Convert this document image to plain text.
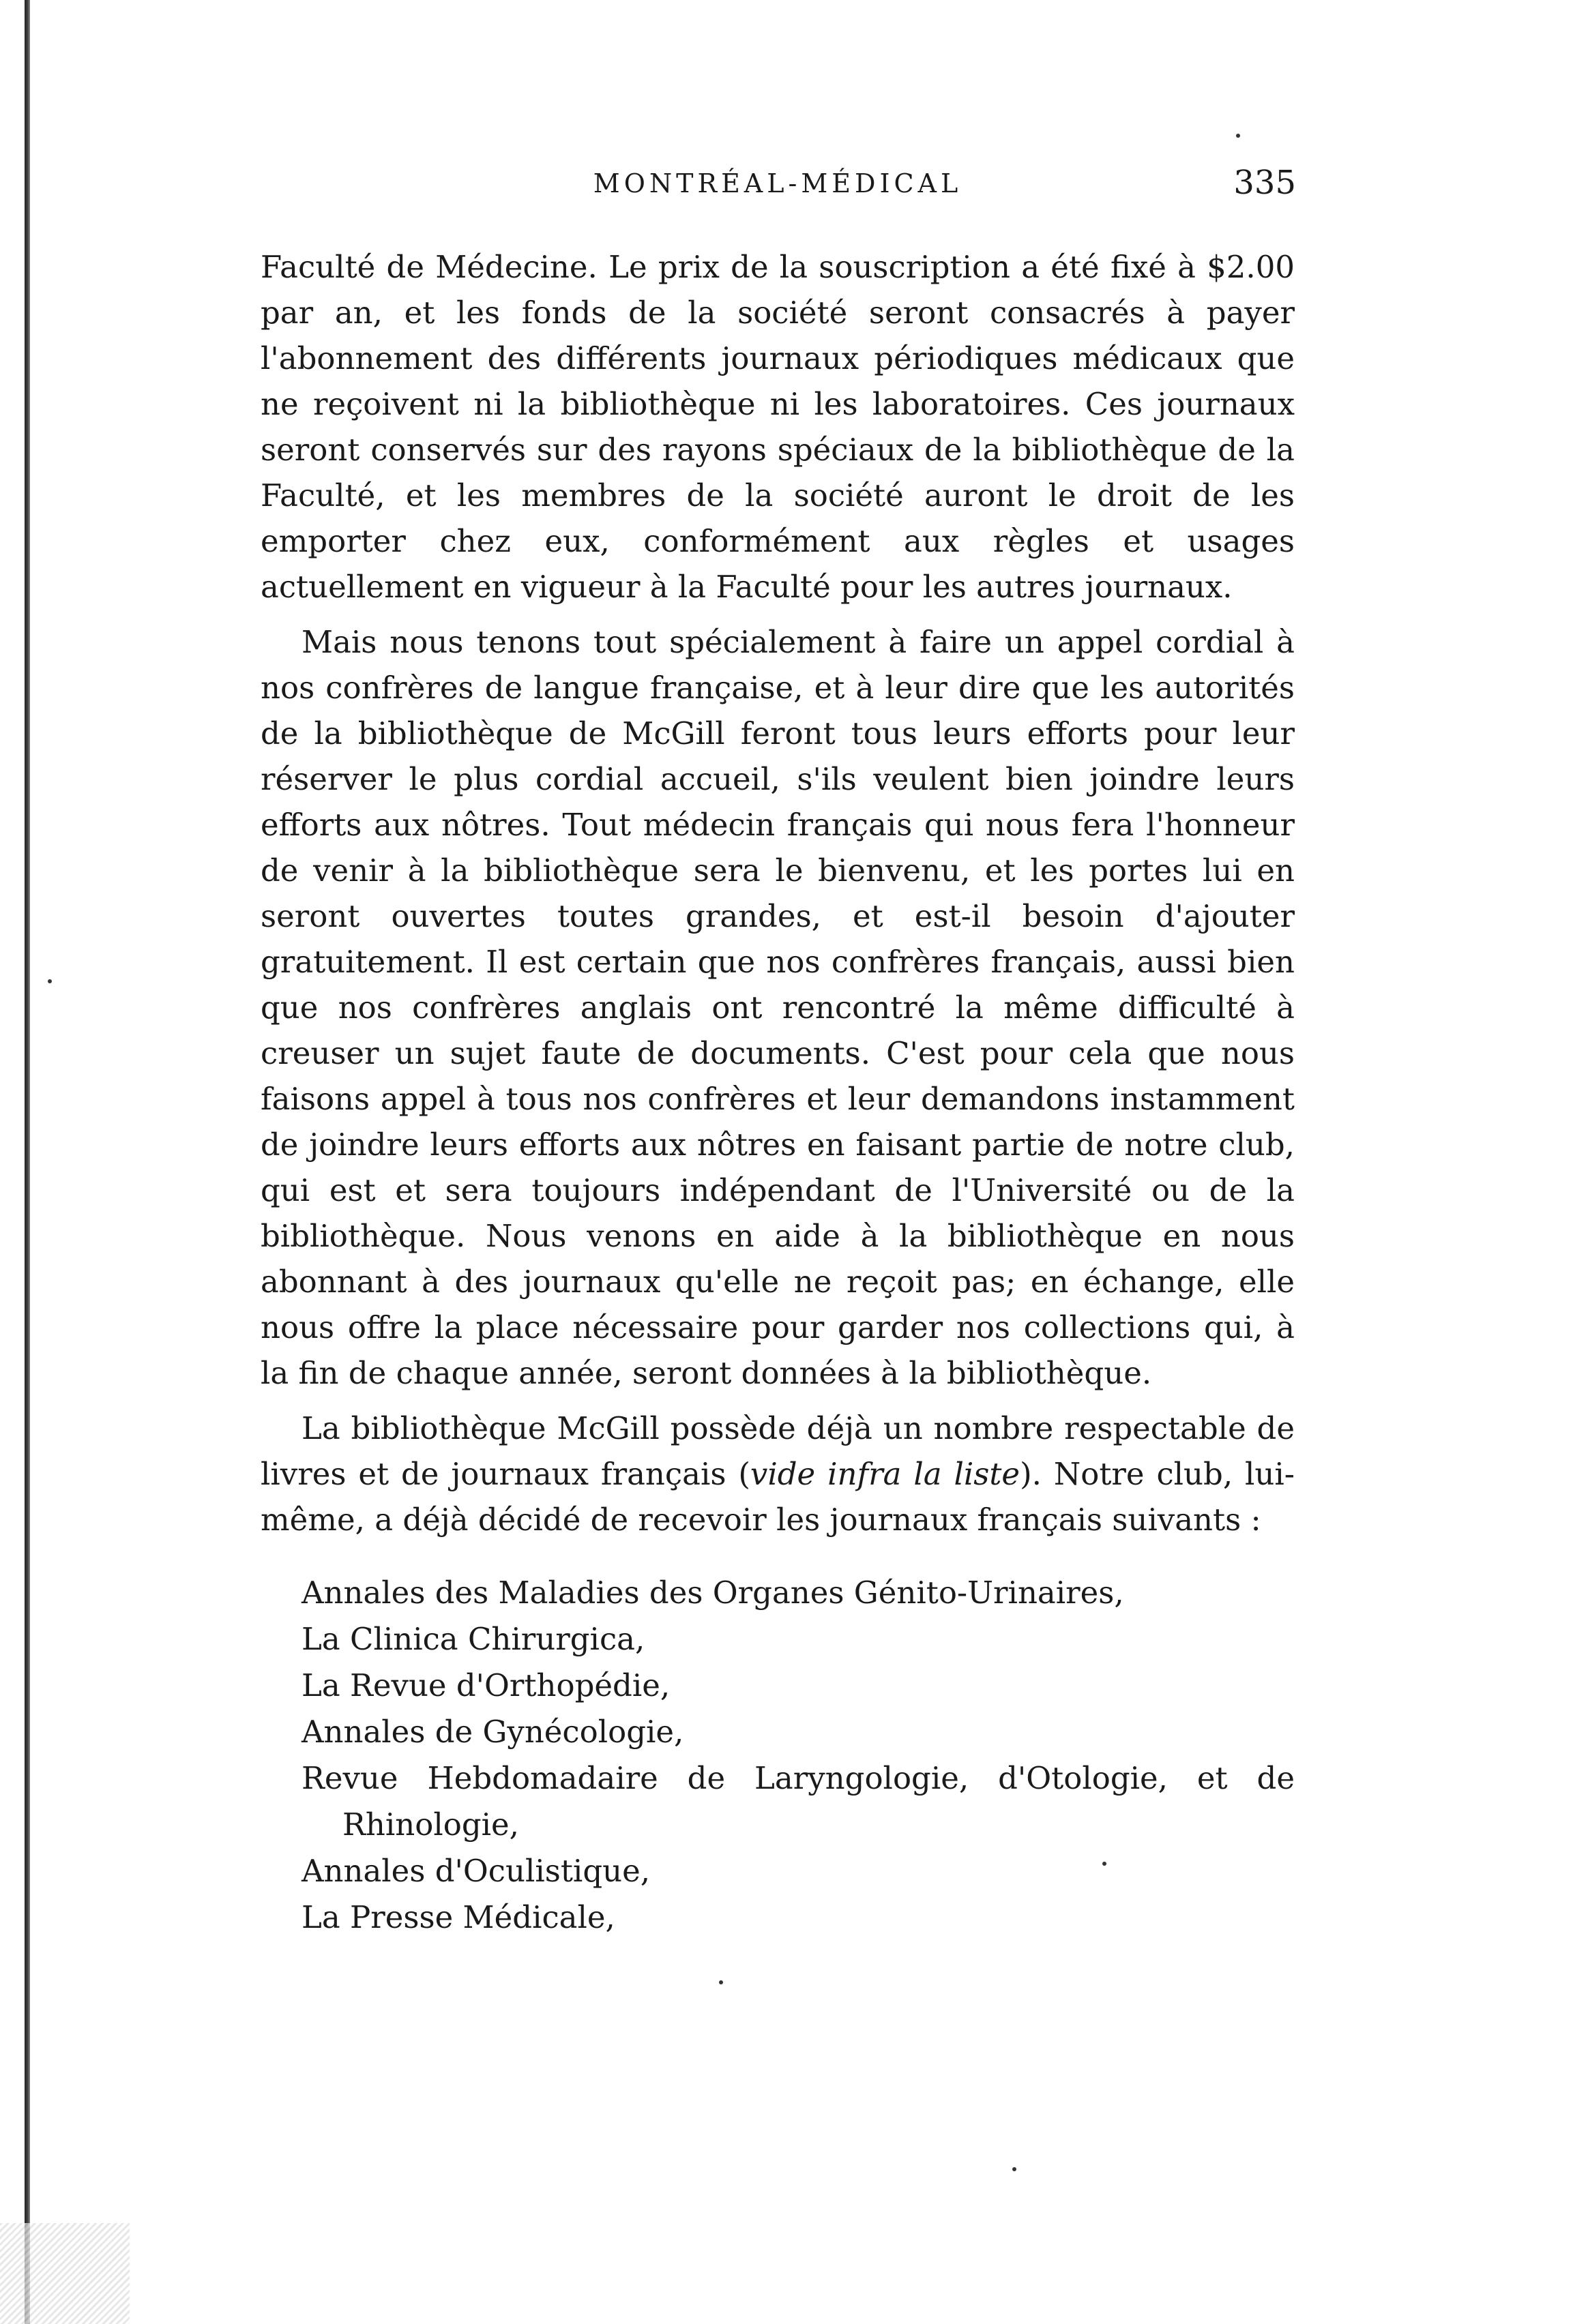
MONTRÉAL-MÉDICAL	335

Faculté de Médecine. Le prix de la souscription a été fixé à $2.00 par an, et les fonds de la société seront consacrés à payer l'abonnement des différents journaux périodiques médicaux que ne reçoivent ni la bibliothèque ni les laboratoires. Ces journaux seront conservés sur des rayons spéciaux de la bibliothèque de la Faculté, et les membres de la société auront le droit de les emporter chez eux, conformément aux règles et usages actuellement en vigueur à la Faculté pour les autres journaux.

Mais nous tenons tout spécialement à faire un appel cordial à nos confrères de langue française, et à leur dire que les autorités de la bibliothèque de McGill feront tous leurs efforts pour leur réserver le plus cordial accueil, s'ils veulent bien joindre leurs efforts aux nôtres. Tout médecin français qui nous fera l'honneur de venir à la bibliothèque sera le bienvenu, et les portes lui en seront ouvertes toutes grandes, et est-il besoin d'ajouter gratuitement. Il est certain que nos confrères français, aussi bien que nos confrères anglais ont rencontré la même difficulté à creuser un sujet faute de documents. C'est pour cela que nous faisons appel à tous nos confrères et leur demandons instamment de joindre leurs efforts aux nôtres en faisant partie de notre club, qui est et sera toujours indépendant de l'Université ou de la bibliothèque. Nous venons en aide à la bibliothèque en nous abonnant à des journaux qu'elle ne reçoit pas; en échange, elle nous offre la place nécessaire pour garder nos collections qui, à la fin de chaque année, seront données à la bibliothèque.

La bibliothèque McGill possède déjà un nombre respectable de livres et de journaux français (vide infra la liste). Notre club, lui-même, a déjà décidé de recevoir les journaux français suivants :

Annales des Maladies des Organes Génito-Urinaires,
La Clinica Chirurgica,
La Revue d'Orthopédie,
Annales de Gynécologie,
Revue Hebdomadaire de Laryngologie, d'Otologie, et de Rhinologie,
Annales d'Oculistique,
La Presse Médicale,
